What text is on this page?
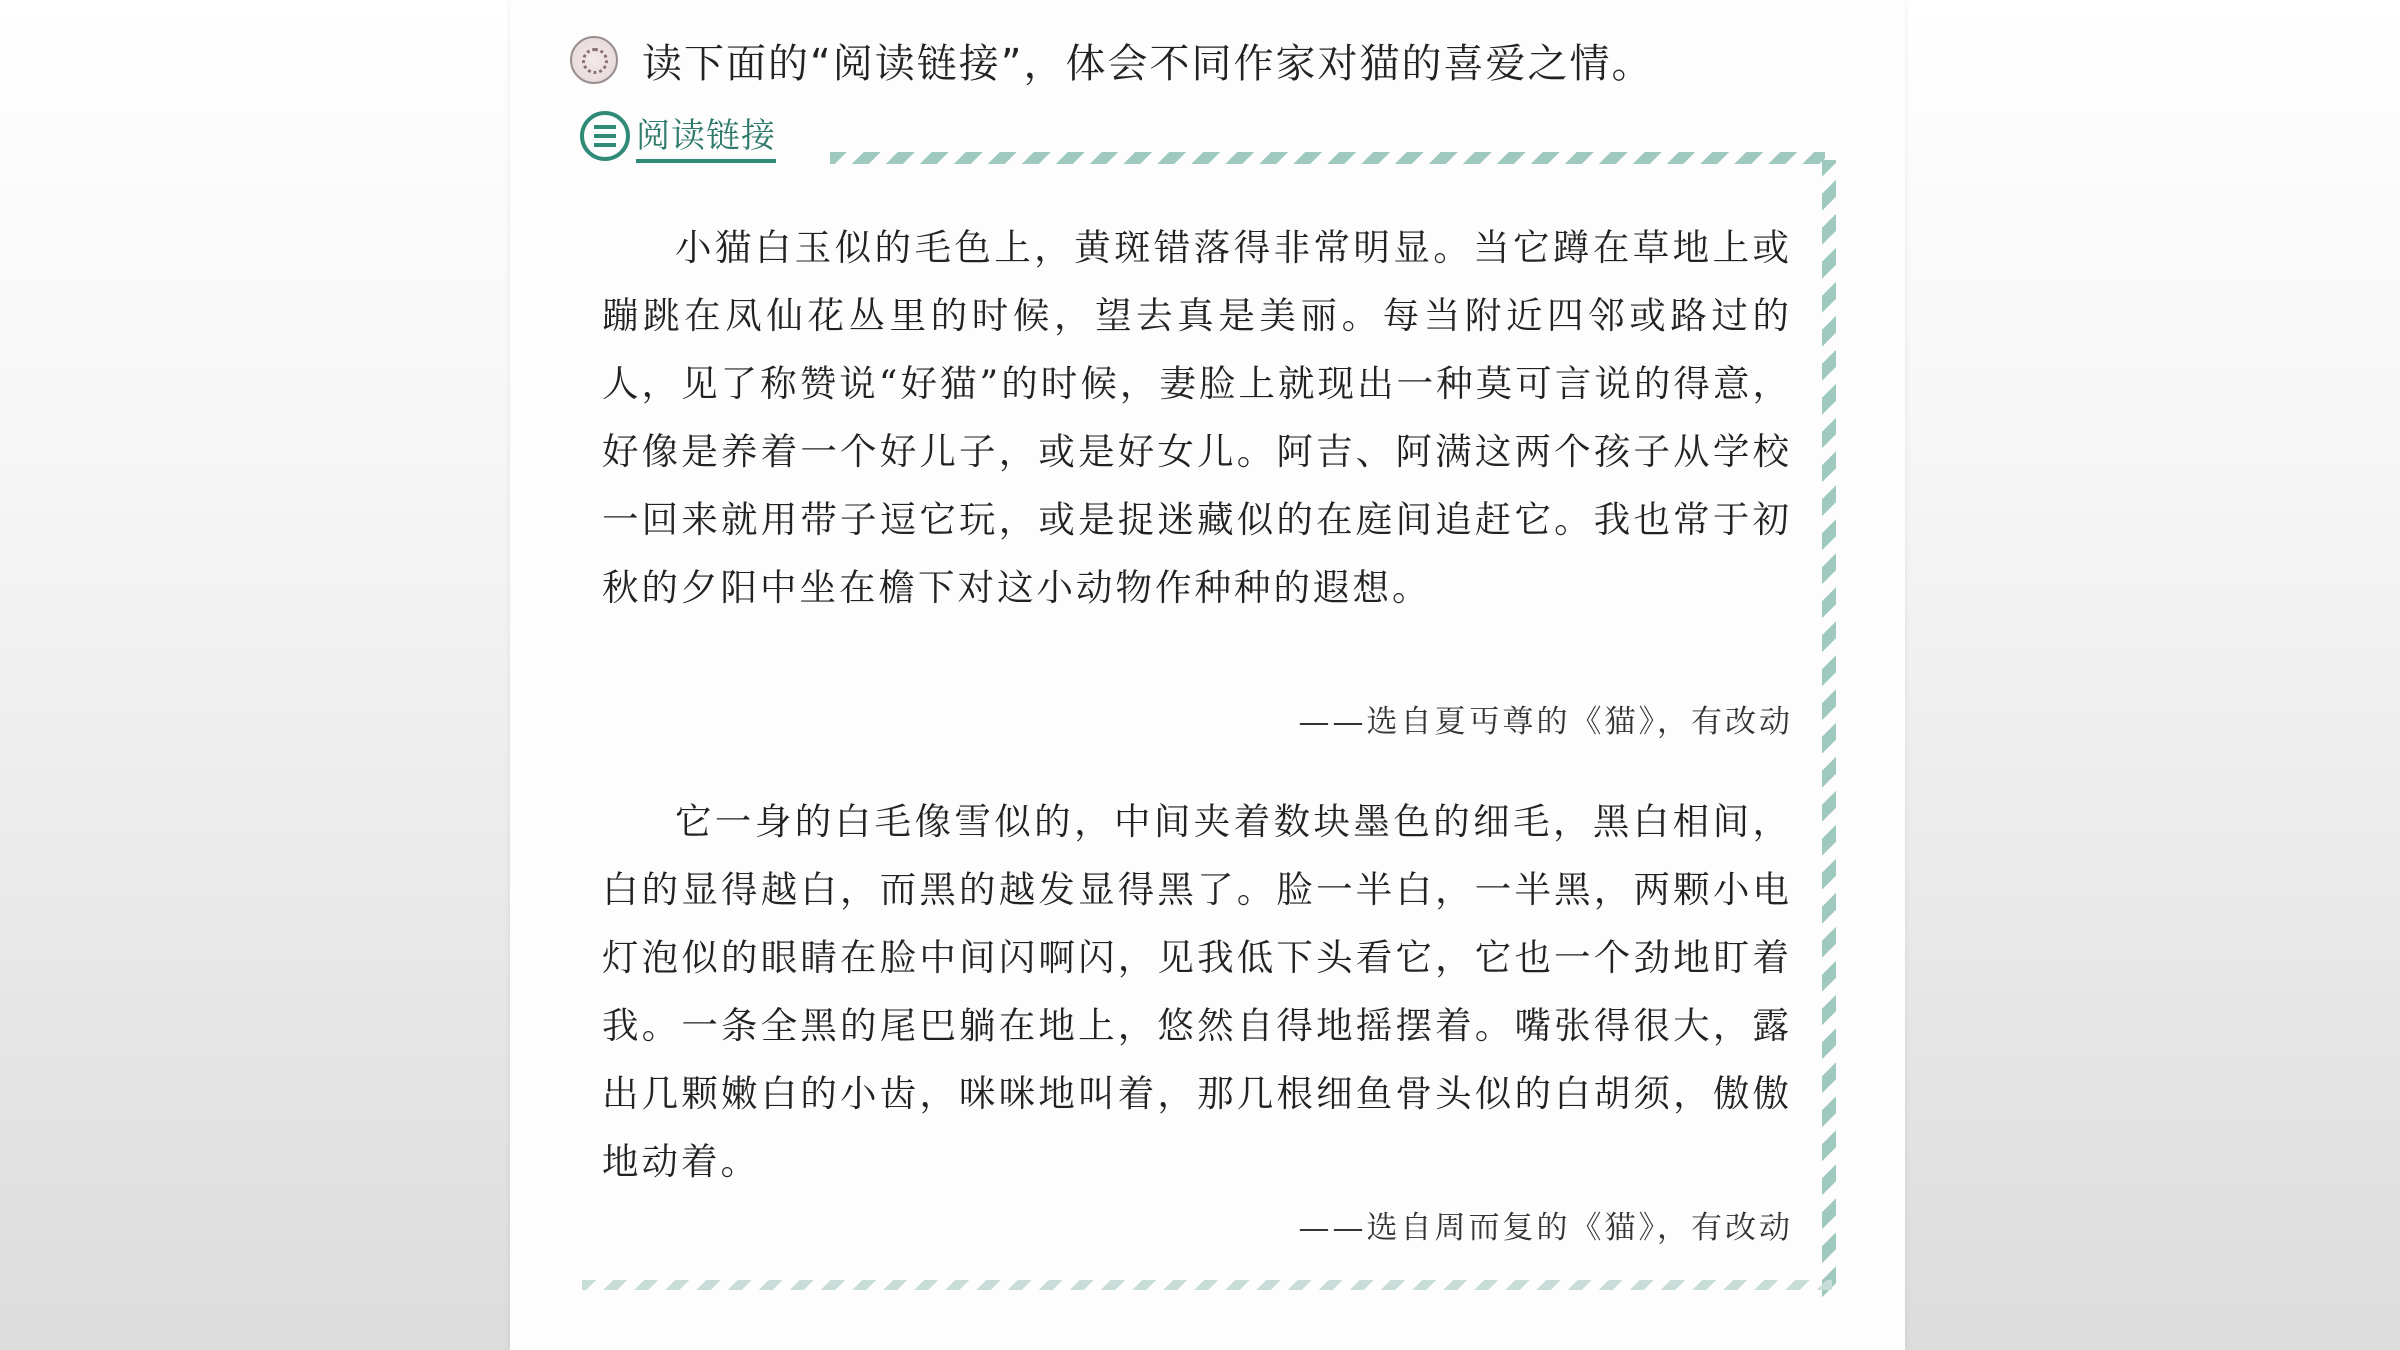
读下面的“阅读链接”，体会不同作家对猫的喜爱之情。
阅读链接

小猫白玉似的毛色上，黄斑错落得非常明显。当它蹲在草地上或蹦跳在凤仙花丛里的时候，望去真是美丽。每当附近四邻或路过的人，见了称赞说“好猫”的时候，妻脸上就现出一种莫可言说的得意，好像是养着一个好儿子，或是好女儿。阿吉、阿满这两个孩子从学校一回来就用带子逗它玩，或是捉迷藏似的在庭间追赶它。我也常于初秋的夕阳中坐在檐下对这小动物作种种的遐想。

——选自夏丏尊的《猫》，有改动

它一身的白毛像雪似的，中间夹着数块墨色的细毛，黑白相间，白的显得越白，而黑的越发显得黑了。脸一半白，一半黑，两颗小电灯泡似的眼睛在脸中间闪啊闪，见我低下头看它，它也一个劲地盯着我。一条全黑的尾巴躺在地上，悠然自得地摇摆着。嘴张得很大，露出几颗嫩白的小齿，咪咪地叫着，那几根细鱼骨头似的白胡须，傲傲地动着。

——选自周而复的《猫》，有改动
